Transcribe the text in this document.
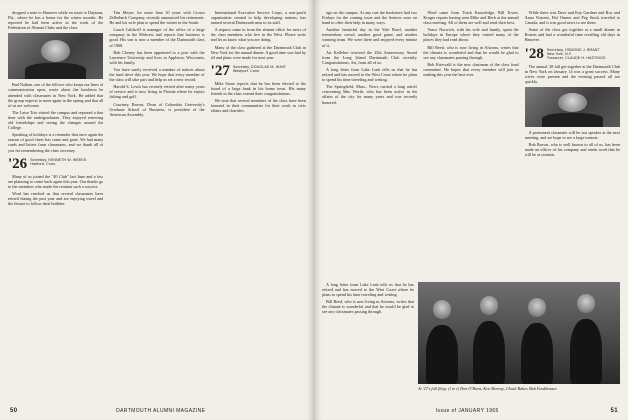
dropped a note to Hanover while en route to Daytona, Fla., where he has a home for the winter months. He reported he had been active in the work of the Federation of Alumni Clubs and the class.

Bud Nathan, one of the fellows who keeps our lines of communication open, wrote about the luncheon he attended with classmates in New York. He added that the group expects to meet again in the spring and that all of us are welcome.

The Laise Trio visited the campus and reported a fine time with the undergraduates. They enjoyed renewing old friendships and seeing the changes around the College.

Speaking of holidays is a reminder that once again the season of good cheer has come and gone. We had many cards and letters from classmates, and we thank all of you for remembering the class secretary.

'26 Secretary, KENNETH W. WEEKS
Hartford, Conn.

Many of us joined the "40 Club" last June and a few are planning to come back again this year. Our thanks go to the members who made the reunion such a success.

Word has reached us that several classmates have retired during the past year and are enjoying travel and the leisure to follow their hobbies.

Tim Meyer, for more than 10 years with Crown Zellerbach Company, recently announced his retirement. He and his wife plan to spend the winter in the South.

Lauch Caldwell is manager of the office of a large company in the Midwest and reports that business is good. His son is now a member of the Dartmouth class of 1968.

Bob Cheney has been appointed to a post with the Lawrence University and lives in Appleton, Wisconsin, with his family.

You have surely received a number of notices about the fund drive this year. We hope that every member of the class will take part and help us set a new record.

Harold S. Lewis has recently retired after many years of service and is now living in Florida where he enjoys fishing and golf.

Courtney Brown, Dean of Columbia University's Graduate School of Business, is president of the American Assembly.

International Executive Service Corps, a non-profit organization created to help developing nations, has named several Dartmouth men to its staff.

A request came in from the alumni office for news of the class members who live in the West. Please write and let us know what you are doing.

Many of the class gathered at the Dartmouth Club in New York for the annual dinner. A good time was had by all and plans were made for next year.

'27 Secretary, DOUGLAS M. HUNT
Westport, Conn.

Mike Stone reports that he has been elected to the board of a large bank in his home town. His many friends in the class extend their congratulations.

We note that several members of the class have been honored in their communities for their work in civic affairs and charities.

50	DARTMOUTH ALUMNI MAGAZINE

ago on the campus. At any rate the bookstore had two Fridays for the coming issue and the Seniors were on hand to offer their help in many ways.

Another beautiful day in the Yale Bowl, another tremendous crowd, another good game, and another winning team. We were there and enjoyed every minute of it.

Art Kelleher received the 25th Anniversary Award from the Long Island Dartmouth Club recently. Congratulations, Art, from all of us.

A long letter from Lake Lush tells us that he has retired and has moved to the West Coast where he plans to spend his time traveling and writing.

The Springfield, Mass., News carried a long article concerning Mac Worth, who has been active in the affairs of the city for many years and was recently honored.

Word came from Truck Knowledge, Bill Tower, Kruger reports having seen Mike and Herb at the annual class meeting. All of them are well and send their best.

Vasco Norwich, with his wife and family, spent the holidays in Europe where they visited many of the places they had read about.

Bill Reed, who is now living in Arizona, writes that the climate is wonderful and that he would be glad to see any classmates passing through.

Bob Kriewald is the new chairman of the class fund committee. He hopes that every member will join in making this year the best ever.

While there was Dave and Kay Gardner and Roy and Anna Vincent, Hal Omner and Peg Stock traveled to Canada, and it was good news to see them.

Some of the class got together at a small dinner in Boston and had a wonderful time recalling old days in Hanover.

'28 Secretary, OSMOND J. BRANT
New York, N.Y.
Treasurer, CLAUDE H. HASTINGS

The annual '28 fall get-together at the Dartmouth Club in New York on January 14 was a great success. Many wives were present and the evening passed all too quickly.

A prominent classmate will be our speaker at the next meeting, and we hope to see a large turnout.

Bob Brown, who is well known to all of us, has been made an officer of his company and sends word that he will be at reunion.

At '27's fall fling: (l to r) Don O'Hara, Ken Murray, Chuck Baker, Bob Funkhouser.

A long letter from Lake Lush tells us that he has retired and has moved to the West Coast where he plans to spend his time traveling and writing.

Bill Reed, who is now living in Arizona, writes that the climate is wonderful and that he would be glad to see any classmates passing through.

Issue of JANUARY 1965	51
